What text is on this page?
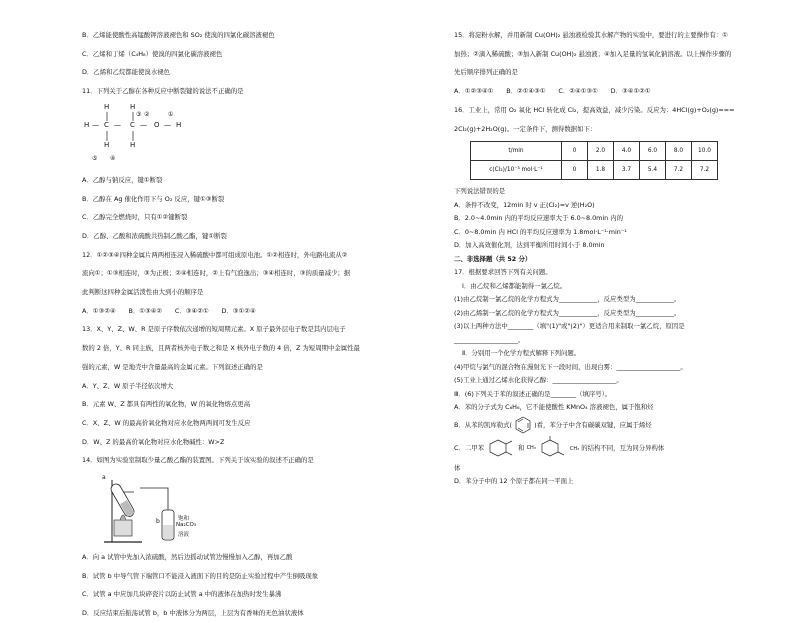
B．乙烯能使酸性高锰酸钾溶液褪色和 SO₂ 使溴的四氯化碳溶液褪色
C．乙烯和丁烯（C₄H₈）使溴的四氯化碳溶液褪色
D．乙烯和乙烷都能使溴水褪色
11．下列关于乙醇在各种反应中断裂键的说法不正确的是
H	H
H — C — C — O — H
H	H
⑤ ④
③ ②	①
A．乙醇与钠反应，键①断裂
B．乙醇在 Ag 催化作用下与 O₂ 反应，键①③断裂
C．乙醇完全燃烧时，只有①②键断裂
D．乙醇、乙酸和浓硫酸共热制乙酸乙酯，键①断裂
12．①②③④四种金属片两两相连浸入稀硫酸中都可组成原电池。①②相连时，外电路电流从②
流向①；①③相连时，③为正极；②④相连时，②上有气泡逸出；③④相连时，③的质量减少；据
此判断这四种金属活泼性由大到小的顺序是
A．①③②④　　B．①③④②　　C．③④②①　　D．③①②④
13．X、Y、Z、W、R 是原子序数依次递增的短周期元素。X 原子最外层电子数是其内层电子
数的 2 倍，Y、R 同主族，且两者核外电子数之和是 X 核外电子数的 4 倍，Z 为短周期中金属性最
强的元素，W 是地壳中含量最高的金属元素。下列叙述正确的是
A．Y、Z、W 原子半径依次增大
B．元素 W、Z 都具有两性的氧化物，W 的氧化物熔点更高
C．X、Z、W 的最高价氧化物对应水化物两两间可发生反应
D．W、Z 的最高价氧化物对应水化物碱性：W>Z
14．如图为实验室制取少量乙酸乙酯的装置图。下列关于该实验的叙述不正确的是
a
b	饱和
Na₂CO₃
溶液
A．向 a 试管中先加入浓硫酸，然后边摇动试管边慢慢加入乙醇，再加乙酸
B．试管 b 中导气管下端管口不能浸入液面下的目的是防止实验过程中产生倒吸现象
C．试管 a 中应加几块碎瓷片以防止试管 a 中的液体在加热时发生暴沸
D．反应结束后振荡试管 b，b 中液体分为两层，上层为有香味的无色油状液体
15．将淀粉水解，并用新制 Cu(OH)₂ 悬浊液检验其水解产物的实验中，要进行的主要操作有：①
加热；②滴入稀硫酸；③加入新制 Cu(OH)₂ 悬浊液；④加入足量的氢氧化钠溶液。以上操作步骤的
先后顺序排列正确的是
A．①②③④①　　B．②①④③①　　C．②④①③①　　D．③④①②①
16．工业上，常用 O₂ 氧化 HCl 转化成 Cl₂，提高效益，减少污染。反应为：4HCl(g)+O₂(g)===
2Cl₂(g)+2H₂O(g)。一定条件下，测得数据如下：
t/min	0	2.0	4.0	6.0	8.0	10.0
c(Cl₂)/10⁻³ mol·L⁻¹	0	1.8	3.7	5.4	7.2	7.2
下列说法错误的是
A．条件不改变，12min 时 v 正(Cl₂)=v 逆(H₂O)
B．2.0~4.0min 内的平均反应速率大于 6.0~8.0min 内的
C．0~8.0min 内 HCl 的平均反应速率为 1.8mol·L⁻¹·min⁻¹
D．加入高效催化剂，达到平衡所用时间小于 8.0min
二、非选择题（共 52 分）
17．根据要求回答下列有关问题。
Ⅰ．由乙烷和乙烯都能制得一氯乙烷。
(1)由乙烷制一氯乙烷的化学方程式为____________，反应类型为____________。
(2)由乙烯制一氯乙烷的化学方程式为____________，反应类型为____________。
(3)以上两种方法中________（填"(1)"或"(2)"）更适合用来制取一氯乙烷，原因是
____________________。
Ⅱ．分别用一个化学方程式解释下列问题。
(4)甲烷与氯气的混合物在漫射光下一段时间，出现白雾：____________________。
(5)工业上通过乙烯水化获得乙醇：____________________。
Ⅲ．(6)下列关于苯的叙述正确的是________（填序号）。
A．苯的分子式为 C₆H₆，它不能使酸性 KMnO₄ 溶液褪色，属于饱和烃
B．从苯的凯库勒式(	)看，苯分子中含有碳碳双键，应属于烯烃
C．二甲苯	和 $^{CH_3}$	CH₃ 的结构不同，互为同分异构体
体
D．苯分子中的 12 个原子都在同一平面上
